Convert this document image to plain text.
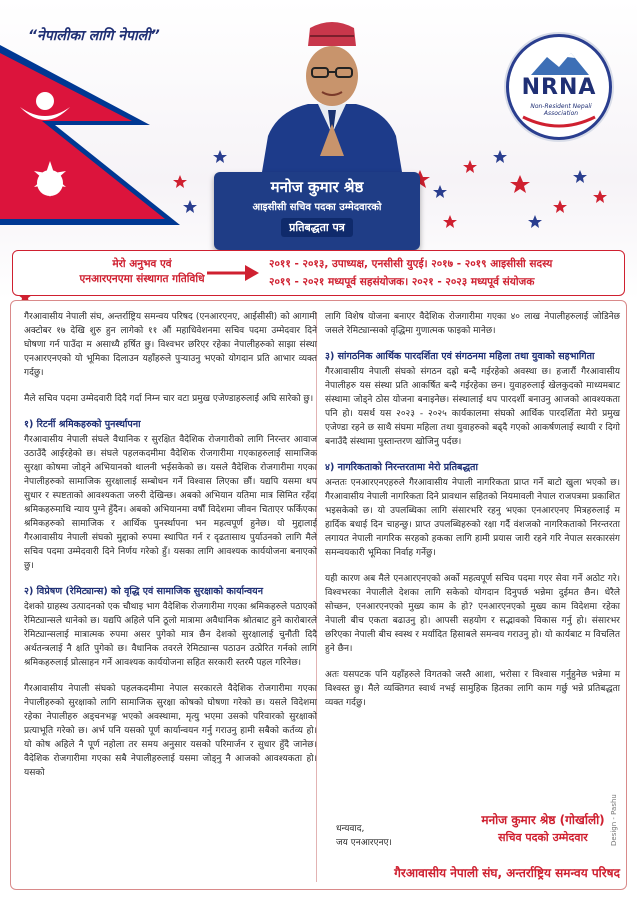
“नेपालीका लागि नेपाली”
NRNA
Non-Resident Nepali Association
मनोज कुमार श्रेष्ठ
आइसीसी सचिव पदका उम्मेदवारको
प्रतिबद्धता पत्र
मेरो अनुभव एवं
एनआरएनएमा संस्थागत गतिविधि
२०११ - २०१३, उपाध्यक्ष, एनसीसी युएई। २०१७ - २०१९ आइसीसी सदस्य
२०१९ - २०२१ मध्यपूर्व सहसंयोजक। २०२१ - २०२३ मध्यपूर्व संयोजक
गैरआवासीय नेपाली संघ, अन्तर्राष्ट्रिय समन्वय परिषद (एनआरएनए, आईसीसी) को आगामी अक्टोबर १७ देखि शुरु हुन लागेको ११ औं महाधिवेशनमा सचिव पदमा उम्मेदवार दिने घोषणा गर्न पाउँदा म असाध्यै हर्षित छु। विश्वभर छरिएर रहेका नेपालीहरुको साझा संस्था एनआरएनएको यो भूमिका दिलाउन यहाँहरुले पुऱ्याउनु भएको योगदान प्रति आभार व्यक्त गर्दछु।
मैले सचिव पदमा उम्मेदवारी दिदै गर्दा निम्न चार वटा प्रमुख एजेण्डाहरुलाई अघि सारेको छु।
१) रिटर्नी श्रमिकहरुको पुनर्स्थापना
गैरआवासीय नेपाली संघले वैधानिक र सुरक्षित वैदेशिक रोजगारीको लागि निरन्तर आवाज उठाउँदै आईरहेको छ। संघले पहलकदमीमा वैदेशिक रोजगारीमा गएकाहरुलाई सामाजिक सुरक्षा कोषमा जोड्ने अभियानको थालनी भईसकेको छ। यसले वैदेशिक रोजगारीमा गएका नेपालीहरुको सामाजिक सुरक्षालाई सम्बोधन गर्ने विश्वास लिएका छौं। यद्यपि यसमा थप सुधार र स्पष्टताको आवश्यकता जरुरी देखिन्छ। अबको अभियान यतिमा मात्र सिमित रहँदा श्रमिकहरुमाथि न्याय पुग्ने हुँदैन। अबको अभियानमा वर्षौं विदेशमा जीवन चिताएर फर्किएका श्रमिकहरुको सामाजिक र आर्थिक पुनर्स्थापना भन महत्वपूर्ण हुनेछ। यो मुद्दालाई गैरआवासीय नेपाली संघको मुद्दाको रुपमा स्थापित गर्न र दृढतासाथ पुर्याउनको लागि मैले सचिव पदमा उम्मेदवारी दिने निर्णय गरेको हुँ। यसका लागि आवश्यक कार्ययोजना बनाएको छु।
२) विप्रेषण (रेमिट्यान्स) को वृद्धि एवं सामाजिक सुरक्षाको कार्यान्वयन
देशको ग्राहस्थ उत्पादनको एक चौथाइ भाग वैदेशिक रोजगारीमा गएका श्रमिकहरुले पठाएको रेमिट्यान्सले धानेको छ। यद्यपि अहिले पनि ठूलो मात्रामा अवैधानिक श्रोतबाट हुने कारोबारले रेमिट्यान्सलाई मात्रात्मक रुपमा असर पुगेको मात्र छैन देशको सुरक्षालाई चुनौती दिदै अर्थतन्त्रलाई नै क्षति पुगेको छ। वैधानिक तवरले रेमिट्यान्स पठाउन उत्प्रेरित गर्नको लागि श्रमिकहरुलाई प्रोत्साहन गर्ने आवश्यक कार्ययोजना सहित सरकारी स्तरमै पहल गरिनेछ।
गैरआवासीय नेपाली संघको पहलकदमीमा नेपाल सरकारले वैदेशिक रोजगारीमा गएका नेपालीहरुको सुरक्षाको लागि सामाजिक सुरक्षा कोषको घोषणा गरेको छ। यसले विदेशमा रहेका नेपालीहरु अड्चनभङ्ग भएको अवस्थामा, मृत्यु भएमा उसको परिवारको सुरक्षाको प्रत्याभूति गरेको छ। अर्भ पनि यसको पूर्ण कार्यान्वयन गर्नु गराउनु हामी सबैको कर्तव्य हो। यो कोष अहिले नै पूर्ण नहोला तर समय अनुसार यसको परिमार्जन र सुधार हुँदै जानेछ। वैदेशिक रोजगारीमा गएका सबै नेपालीहरुलाई यसमा जोड्नु नै आजको आवश्यकता हो। यसको
लागि विशेष योजना बनाएर वैदेशिक रोजगारीमा गएका ४० लाख नेपालीहरुलाई जोडिनेछ जसले रेमिट्यान्सको वृद्धिमा गुणात्मक फाइको मानेछ।
३) सांगठनिक आर्थिक पारदर्शिता एवं संगठनमा महिला तथा युवाको सहभागिता
गैरआवासीय नेपाली संघको संगठन दह्रो बन्दै गईरहेको अवस्था छ। हजारौं गैरआवासीय नेपालीहरु यस संस्था प्रति आकर्षित बन्दै गईरहेका छन। युवाहरुलाई खेलकुदको माध्यमबाट संस्थामा जोड्ने ठोस योजना बनाइनेछ। संस्थालाई थप पारदर्शी बनाउनु आजको आवश्यकता पनि हो। यसर्थ यस २०२३ - २०२५ कार्यकालमा संघको आर्थिक पारदर्शिता मेरो प्रमुख एजेण्डा रहने छ साथै संघमा महिला तथा युवाहरुको बढ्दै गएको आकर्षणलाई स्थायी र दिगो बनाउँदै संस्थामा पुस्तान्तरण खोजिनु पर्दछ।
४) नागरिकताको निरन्तरतामा मेरो प्रतिबद्धता
अन्ततः एनआरएनएहरुले गैरआवासीय नेपाली नागरिकता प्राप्त गर्ने बाटो खुला भएको छ। गैरआवासीय नेपाली नागरिकता दिने प्रावधान सहितको नियमावली नेपाल राजपत्रमा प्रकाशित भइसकेको छ। यो उपलब्धिका लागि संसारभरि रहनु भएका एनआरएनए मित्रहरुलाई म हार्दिक बधाई दिन चाहन्छु। प्राप्त उपलब्धिहरुको रक्षा गर्दै वंशजको नागरिकताको निरन्तरता लगायत नेपाली नागरिक सरहको हकका लागि हामी प्रयास जारी रहने गरि नेपाल सरकारसंग समन्वयकारी भूमिका निर्वाह गर्नेछु।
यही कारण अब मैले एनआरएनएको अर्को महत्वपूर्ण सचिव पदमा गएर सेवा गर्ने अठोट गरे। विश्वभरका नेपालीले देशका लागि सकेको योगदान दिनुपर्छ भन्नेमा दुईमत छैन। धेरैले सोच्छन, एनआरएनएको मुख्य काम के हो? एनआरएनएको मुख्य काम विदेशमा रहेका नेपाली बीच एकता बढाउनु हो। आपसी सहयोग र सद्भावको विकास गर्नु हो। संसारभर छरिएका नेपाली बीच स्वस्थ र मर्यादित हिसाबले समन्वय गराउनु हो। यो कार्यबाट म विचलित हुने छैन।
अतः यसपटक पनि यहाँहरुले विगतको जस्तै आशा, भरोसा र विश्वास गर्नुहुनेछ भन्नेमा म विश्वस्त छु। मैले व्यक्तिगत स्वार्थ नभई सामुहिक हितका लागि काम गर्छु भन्ने प्रतिबद्धता व्यक्त गर्दछु।
धन्यवाद,
जय एनआरएनए।
मनोज कुमार श्रेष्ठ (गोर्खाली)
सचिव पदको उम्मेदवार
गैरआवासीय नेपाली संघ, अन्तर्राष्ट्रिय समन्वय परिषद
Design - Pashu
